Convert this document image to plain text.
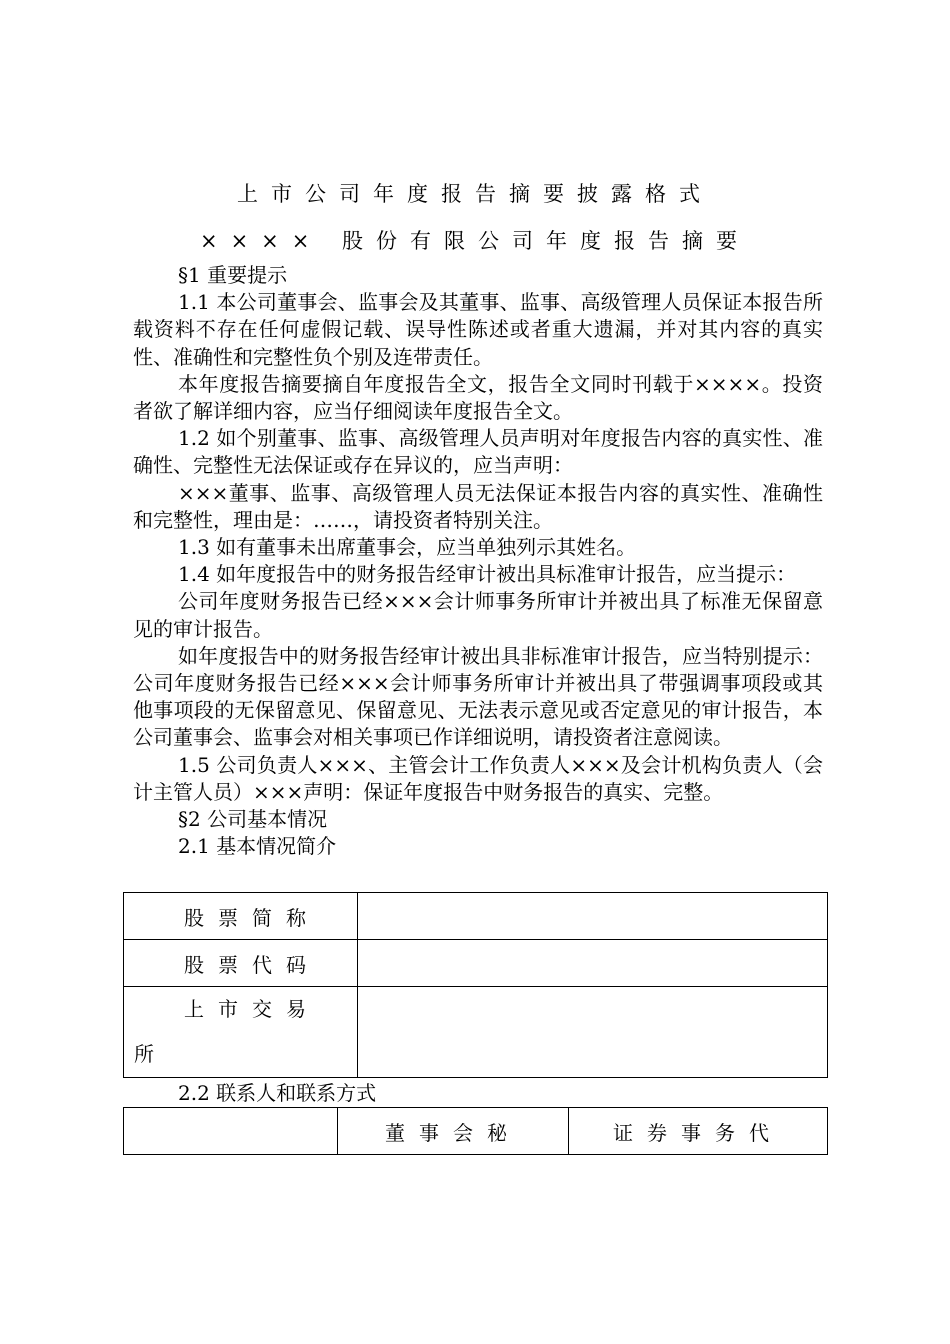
上市公司年度报告摘要披露格式
×××× 股份有限公司年度报告摘要

§1 重要提示

1.1 本公司董事会、监事会及其董事、监事、高级管理人员保证本报告所载资料不存在任何虚假记载、误导性陈述或者重大遗漏，并对其内容的真实性、准确性和完整性负个别及连带责任。

本年度报告摘要摘自年度报告全文，报告全文同时刊载于××××。投资者欲了解详细内容，应当仔细阅读年度报告全文。

1.2 如个别董事、监事、高级管理人员声明对年度报告内容的真实性、准确性、完整性无法保证或存在异议的，应当声明：

×××董事、监事、高级管理人员无法保证本报告内容的真实性、准确性和完整性，理由是：……，请投资者特别关注。

1.3 如有董事未出席董事会，应当单独列示其姓名。

1.4 如年度报告中的财务报告经审计被出具标准审计报告，应当提示：

公司年度财务报告已经×××会计师事务所审计并被出具了标准无保留意见的审计报告。

如年度报告中的财务报告经审计被出具非标准审计报告，应当特别提示：公司年度财务报告已经×××会计师事务所审计并被出具了带强调事项段或其他事项段的无保留意见、保留意见、无法表示意见或否定意见的审计报告，本公司董事会、监事会对相关事项已作详细说明，请投资者注意阅读。

1.5 公司负责人×××、主管会计工作负责人×××及会计机构负责人（会计主管人员）×××声明：保证年度报告中财务报告的真实、完整。

§2 公司基本情况

2.1 基本情况简介

股票简称	
股票代码	

上市交易
所	

2.2 联系人和联系方式

	董事会秘	证券事务代
